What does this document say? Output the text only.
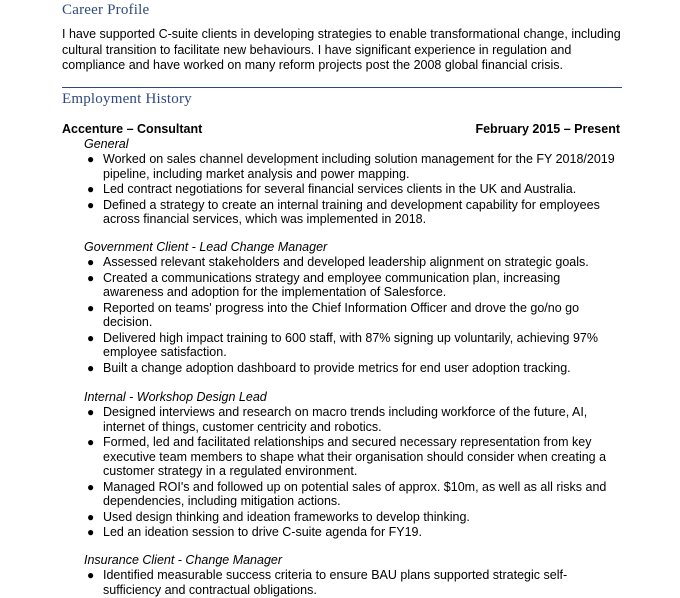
Career Profile

I have supported C-suite clients in developing strategies to enable transformational change, including cultural transition to facilitate new behaviours. I have significant experience in regulation and compliance and have worked on many reform projects post the 2008 global financial crisis.

Employment History
Accenture – Consultant	February 2015 – Present

General

● Worked on sales channel development including solution management for the FY 2018/2019 pipeline, including market analysis and power mapping.
● Led contract negotiations for several financial services clients in the UK and Australia.
● Defined a strategy to create an internal training and development capability for employees across financial services, which was implemented in 2018.

Government Client - Lead Change Manager

● Assessed relevant stakeholders and developed leadership alignment on strategic goals.
● Created a communications strategy and employee communication plan, increasing awareness and adoption for the implementation of Salesforce.
● Reported on teams' progress into the Chief Information Officer and drove the go/no go decision.
● Delivered high impact training to 600 staff, with 87% signing up voluntarily, achieving 97% employee satisfaction.
● Built a change adoption dashboard to provide metrics for end user adoption tracking.

Internal - Workshop Design Lead

● Designed interviews and research on macro trends including workforce of the future, AI, internet of things, customer centricity and robotics.
● Formed, led and facilitated relationships and secured necessary representation from key executive team members to shape what their organisation should consider when creating a customer strategy in a regulated environment.
● Managed ROI's and followed up on potential sales of approx. $10m, as well as all risks and dependencies, including mitigation actions.
● Used design thinking and ideation frameworks to develop thinking.
● Led an ideation session to drive C-suite agenda for FY19.

Insurance Client - Change Manager

● Identified measurable success criteria to ensure BAU plans supported strategic self-sufficiency and contractual obligations.
